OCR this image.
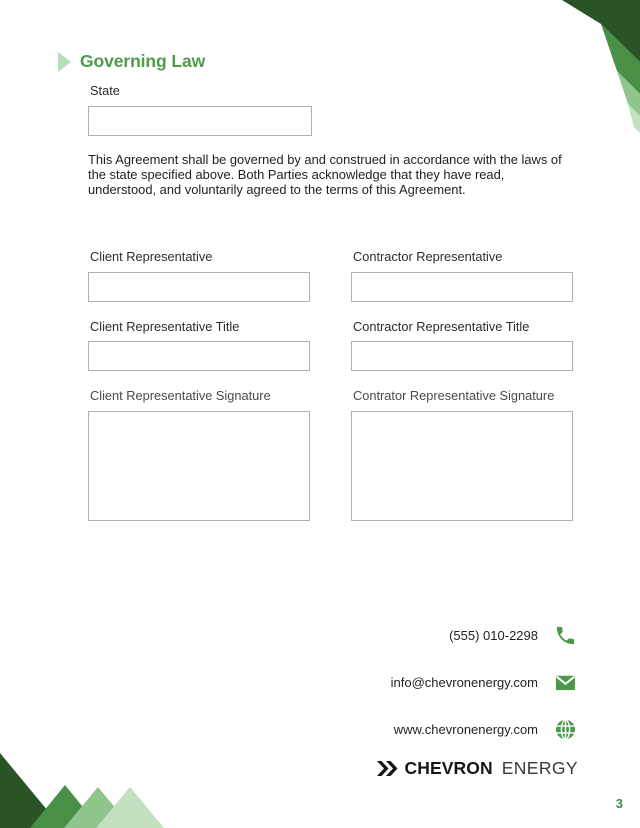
Governing Law
State

This Agreement shall be governed by and construed in accordance with the laws of the state specified above. Both Parties acknowledge that they have read, understood, and voluntarily agreed to the terms of this Agreement.

Client Representative	Contractor Representative
Client Representative Title	Contractor Representative Title
Client Representative Signature	Contrator Representative Signature
(555) 010-2298
info@chevronenergy.com
www.chevronenergy.com
CHEVRON ENERGY
3
